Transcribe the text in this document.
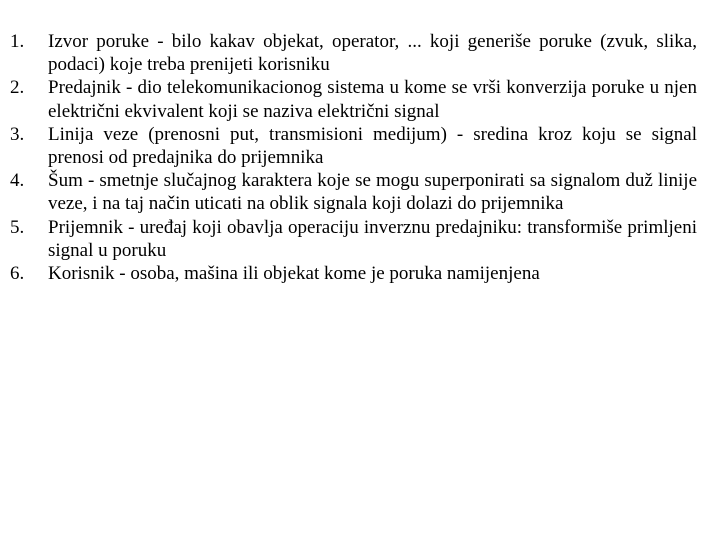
1.	Izvor poruke - bilo kakav objekat, operator, ... koji generiše poruke (zvuk, slika, podaci) koje treba prenijeti korisniku
2.	Predajnik - dio telekomunikacionog sistema u kome se vrši konverzija poruke u njen električni ekvivalent koji se naziva električni signal
3.	Linija veze (prenosni put, transmisioni medijum) - sredina kroz koju se signal prenosi od predajnika do prijemnika
4.	Šum - smetnje slučajnog karaktera koje se mogu superponirati sa signalom duž linije veze, i na taj način uticati na oblik signala koji dolazi do prijemnika
5.	Prijemnik - uređaj koji obavlja operaciju inverznu predajniku: transformiše primljeni signal u poruku
6.	Korisnik - osoba, mašina ili objekat kome je poruka namijenjena
